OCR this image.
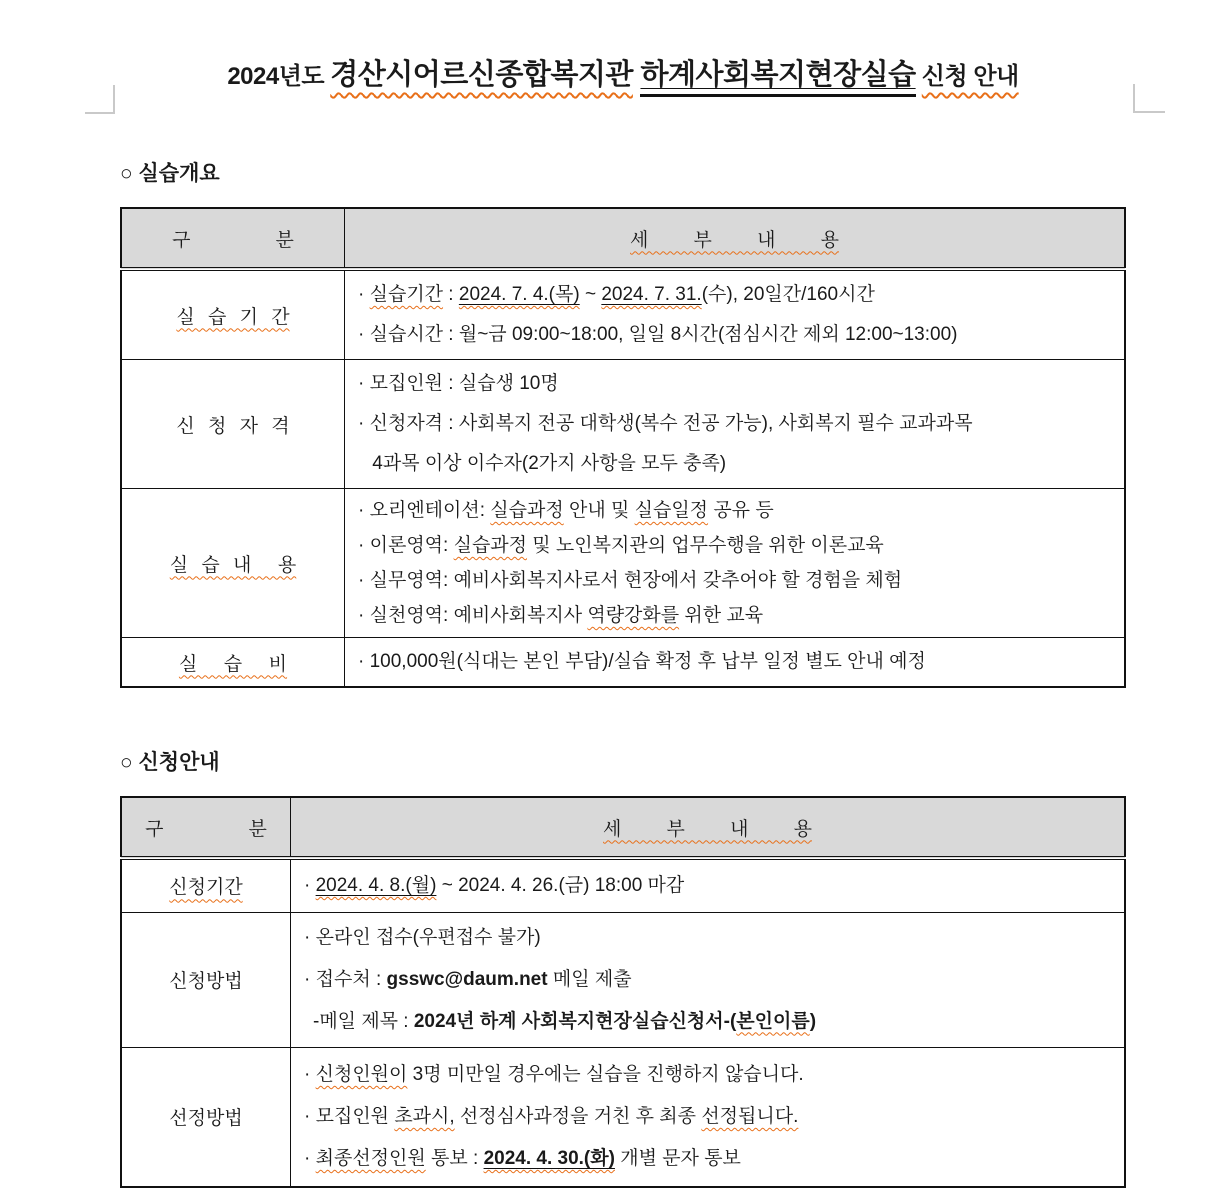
2024년도 경산시어르신종합복지관 하계사회복지현장실습 신청 안내
○ 실습개요
구 분	세 부 내 용
실 습 기 간	· 실습기간 : 2024. 7. 4.(목) ~ 2024. 7. 31.(수), 20일간/160시간
· 실습시간 : 월~금 09:00~18:00, 일일 8시간(점심시간 제외 12:00~13:00)

신 청 자 격	· 모집인원 : 실습생 10명
· 신청자격 : 사회복지 전공 대학생(복수 전공 가능), 사회복지 필수 교과과목
4과목 이상 이수자(2가지 사항을 모두 충족)

실 습 내  용	· 오리엔테이션: 실습과정 안내 및 실습일정 공유 등
· 이론영역: 실습과정 및 노인복지관의 업무수행을 위한 이론교육
· 실무영역: 예비사회복지사로서 현장에서 갖추어야 할 경험을 체험
· 실천영역: 예비사회복지사 역량강화를 위한 교육

실  습  비	· 100,000원(식대는 본인 부담)/실습 확정 후 납부 일정 별도 안내 예정
○ 신청안내
구 분	세 부 내 용
신청기간	· 2024. 4. 8.(월) ~ 2024. 4. 26.(금) 18:00 마감

신청방법	· 온라인 접수(우편접수 불가)
· 접수처 : gsswc@daum.net 메일 제출
-메일 제목 : 2024년 하계 사회복지현장실습신청서-(본인이름)

선정방법	· 신청인원이 3명 미만일 경우에는 실습을 진행하지 않습니다.
· 모집인원 초과시, 선정심사과정을 거친 후 최종 선정됩니다.
· 최종선정인원 통보 : 2024. 4. 30.(화) 개별 문자 통보
